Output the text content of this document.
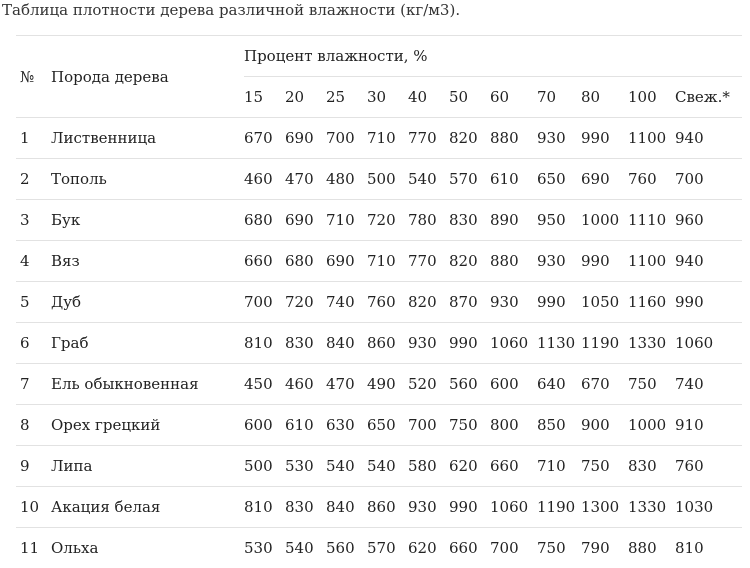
Таблица плотности дерева различной влажности (кг/м3).
№	Порода дерева	Процент влажности, %										
		15	20	25	30	40	50	60	70	80	100	Свеж.*
1	Лиственница	670	690	700	710	770	820	880	930	990	1100	940
2	Тополь	460	470	480	500	540	570	610	650	690	760	700
3	Бук	680	690	710	720	780	830	890	950	1000	1110	960
4	Вяз	660	680	690	710	770	820	880	930	990	1100	940
5	Дуб	700	720	740	760	820	870	930	990	1050	1160	990
6	Граб	810	830	840	860	930	990	1060	1130	1190	1330	1060
7	Ель обыкновенная	450	460	470	490	520	560	600	640	670	750	740
8	Орех грецкий	600	610	630	650	700	750	800	850	900	1000	910
9	Липа	500	530	540	540	580	620	660	710	750	830	760
10	Акация белая	810	830	840	860	930	990	1060	1190	1300	1330	1030
11	Ольха	530	540	560	570	620	660	700	750	790	880	810
